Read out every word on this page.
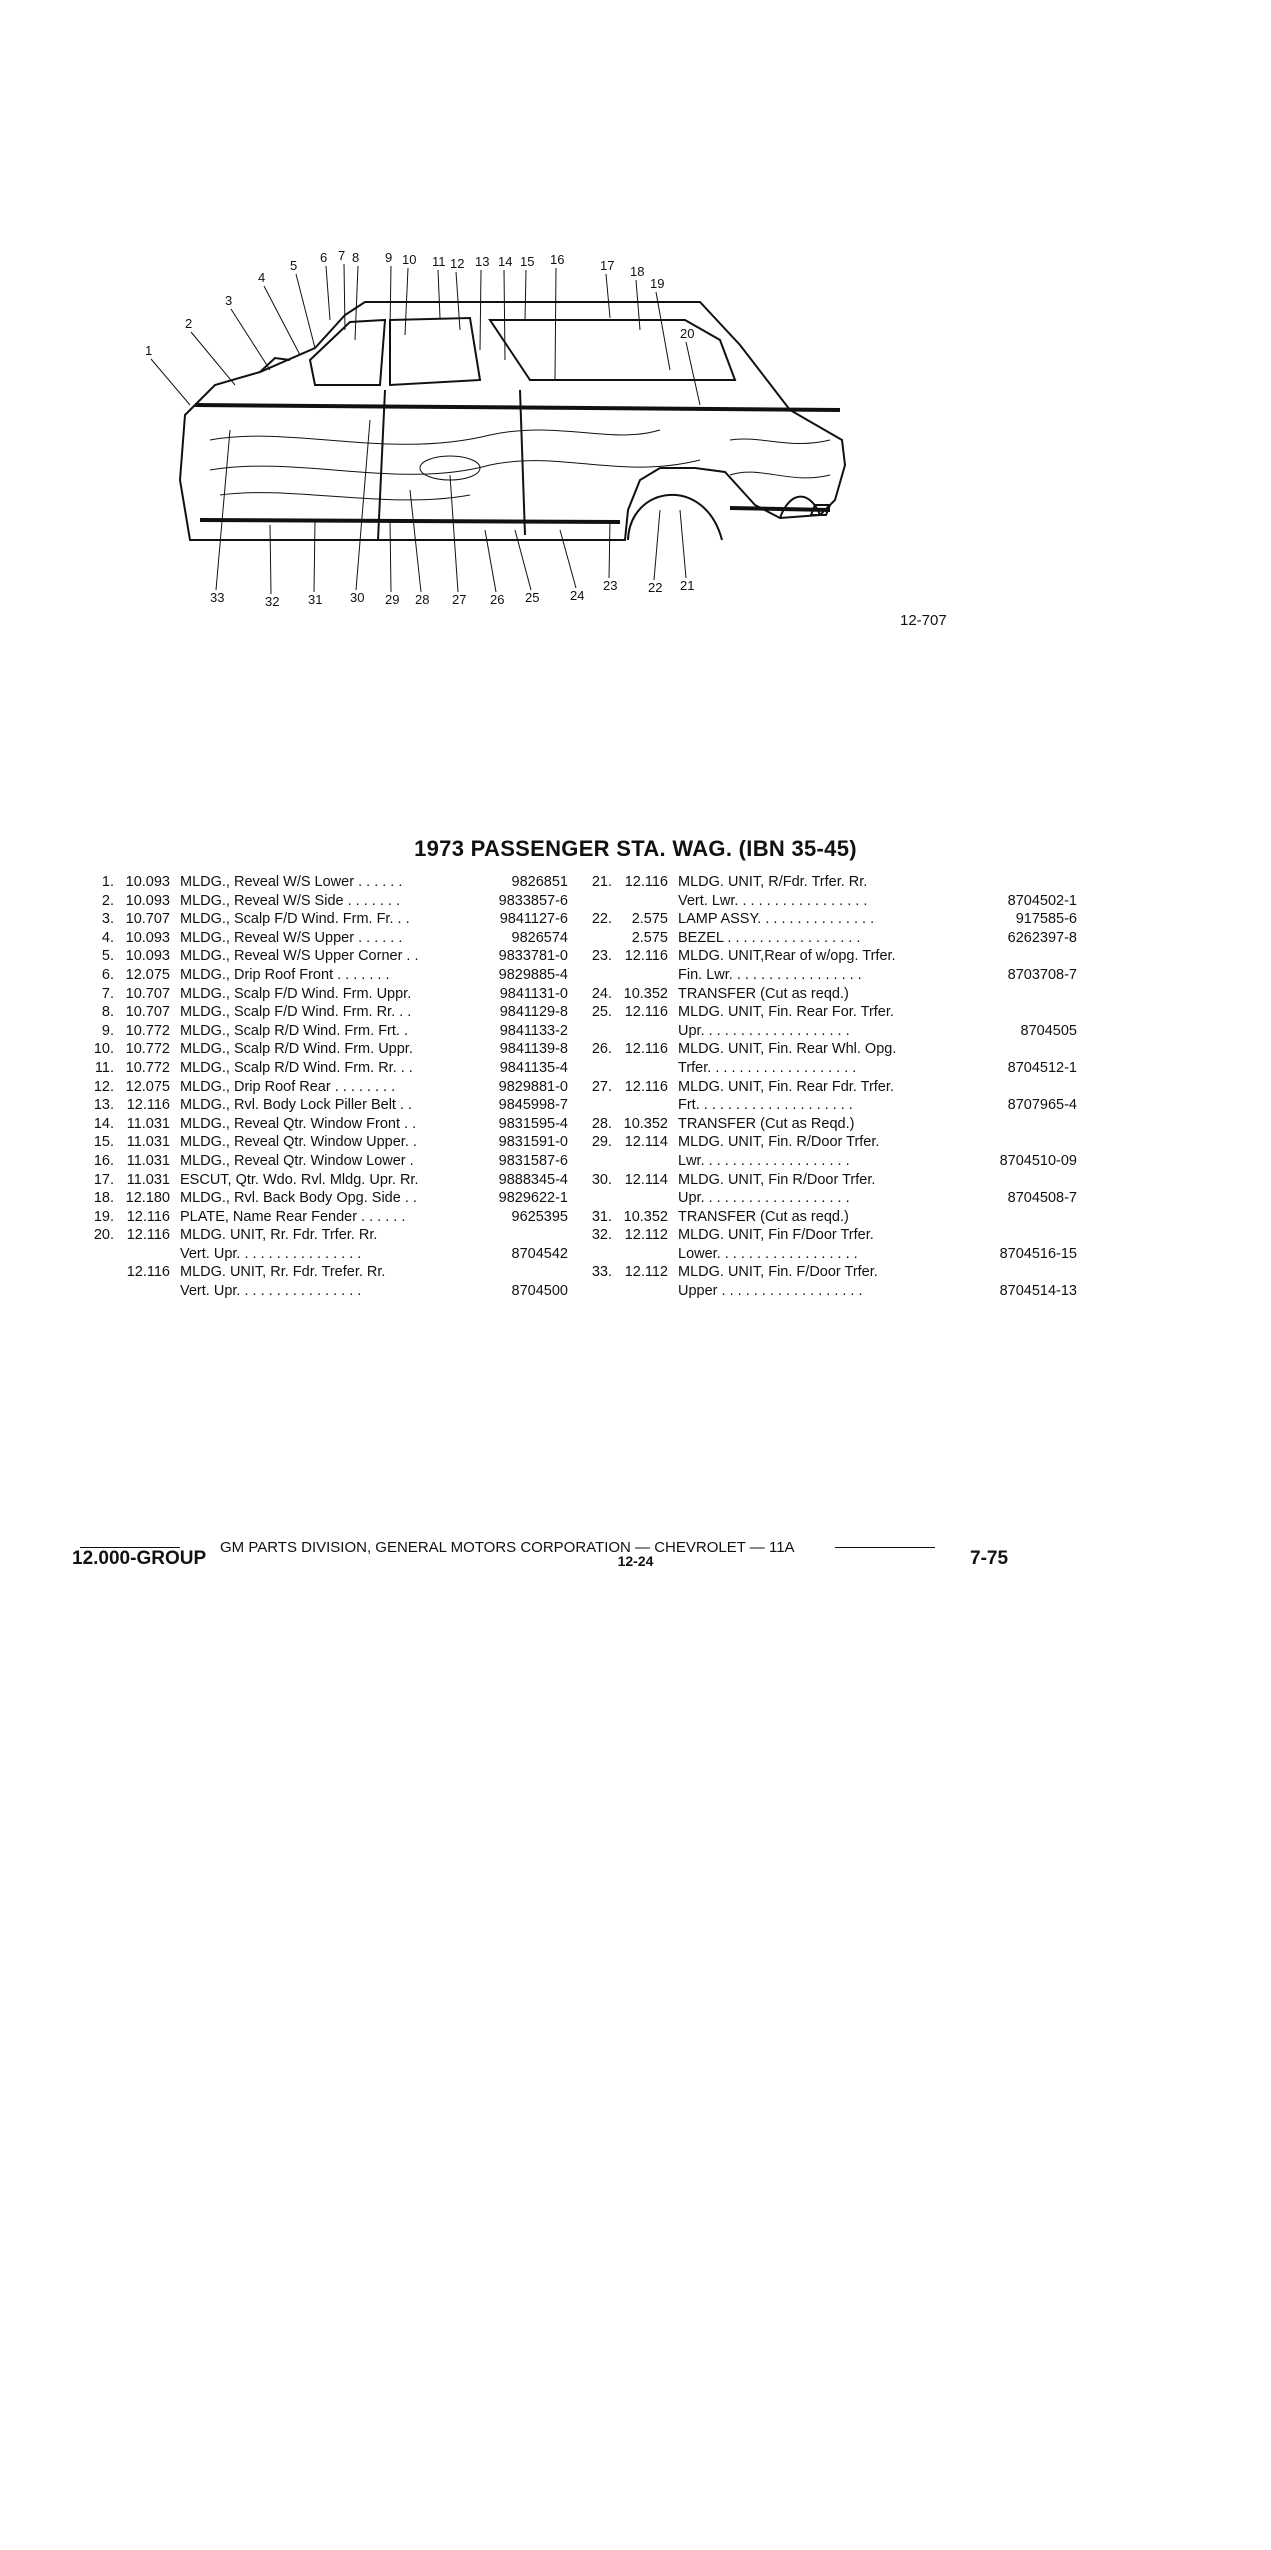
1
2
3
4
5
6 7 8 9 10 11 12 13 14 15 16	17 18
19
20
21
22
23
24
25
26
27
28
29
30
31
32
33
12-707
1973 PASSENGER STA. WAG. (IBN 35-45)
1. 10.093 MLDG., Reveal W/S Lower . . . . . .	9826851
2. 10.093 MLDG., Reveal W/S Side . . . . . . .	9833857-6
3. 10.707 MLDG., Scalp F/D Wind. Frm. Fr. . .	9841127-6
4. 10.093 MLDG., Reveal W/S Upper . . . . . .	9826574
5. 10.093 MLDG., Reveal W/S Upper Corner . .	9833781-0
6. 12.075 MLDG., Drip Roof Front . . . . . . .	9829885-4
7. 10.707 MLDG., Scalp F/D Wind. Frm. Uppr.	9841131-0
8. 10.707 MLDG., Scalp F/D Wind. Frm. Rr. . .	9841129-8
9. 10.772 MLDG., Scalp R/D Wind. Frm. Frt. .	9841133-2
10. 10.772 MLDG., Scalp R/D Wind. Frm. Uppr.	9841139-8
11. 10.772 MLDG., Scalp R/D Wind. Frm. Rr. . .	9841135-4
12. 12.075 MLDG., Drip Roof Rear . . . . . . . .	9829881-0
13. 12.116 MLDG., Rvl. Body Lock Piller Belt . .	9845998-7
14. 11.031 MLDG., Reveal Qtr. Window Front . .	9831595-4
15. 11.031 MLDG., Reveal Qtr. Window Upper. .	9831591-0
16. 11.031 MLDG., Reveal Qtr. Window Lower .	9831587-6
17. 11.031 ESCUT, Qtr. Wdo. Rvl. Mldg. Upr. Rr.	9888345-4
18. 12.180 MLDG., Rvl. Back Body Opg. Side . .	9829622-1
19. 12.116 PLATE, Name Rear Fender . . . . . .	9625395
20. 12.116 MLDG. UNIT, Rr. Fdr. Trfer. Rr.
Vert. Upr. . . . . . . . . . . . . . . .	8704542
12.116 MLDG. UNIT, Rr. Fdr. Trefer. Rr.
Vert. Upr. . . . . . . . . . . . . . . .	8704500
21. 12.116 MLDG. UNIT, R/Fdr. Trfer. Rr.
Vert. Lwr. . . . . . . . . . . . . . . . .	8704502-1
22.	2.575 LAMP ASSY. . . . . . . . . . . . . . .	917585-6
2.575 BEZEL . . . . . . . . . . . . . . . . .	6262397-8
23. 12.116 MLDG. UNIT,Rear of w/opg. Trfer.
Fin. Lwr. . . . . . . . . . . . . . . . .	8703708-7
24. 10.352 TRANSFER (Cut as reqd.)
25. 12.116 MLDG. UNIT, Fin. Rear For. Trfer.
Upr. . . . . . . . . . . . . . . . . . .	8704505
26. 12.116 MLDG. UNIT, Fin. Rear Whl. Opg.
Trfer. . . . . . . . . . . . . . . . . . .	8704512-1
27. 12.116 MLDG. UNIT, Fin. Rear Fdr. Trfer.
Frt. . . . . . . . . . . . . . . . . . . .	8707965-4
28. 10.352 TRANSFER (Cut as Reqd.)
29. 12.114 MLDG. UNIT, Fin. R/Door Trfer.
Lwr. . . . . . . . . . . . . . . . . . .	8704510-09
30. 12.114 MLDG. UNIT, Fin R/Door Trfer.
Upr. . . . . . . . . . . . . . . . . . .	8704508-7
31. 10.352 TRANSFER (Cut as reqd.)
32. 12.112 MLDG. UNIT, Fin F/Door Trfer.
Lower. . . . . . . . . . . . . . . . . .	8704516-15
33. 12.112 MLDG. UNIT, Fin. F/Door Trfer.
Upper . . . . . . . . . . . . . . . . . .	8704514-13
GM PARTS DIVISION, GENERAL MOTORS CORPORATION — CHEVROLET — 11A
12.000-GROUP	12-24	7-75
